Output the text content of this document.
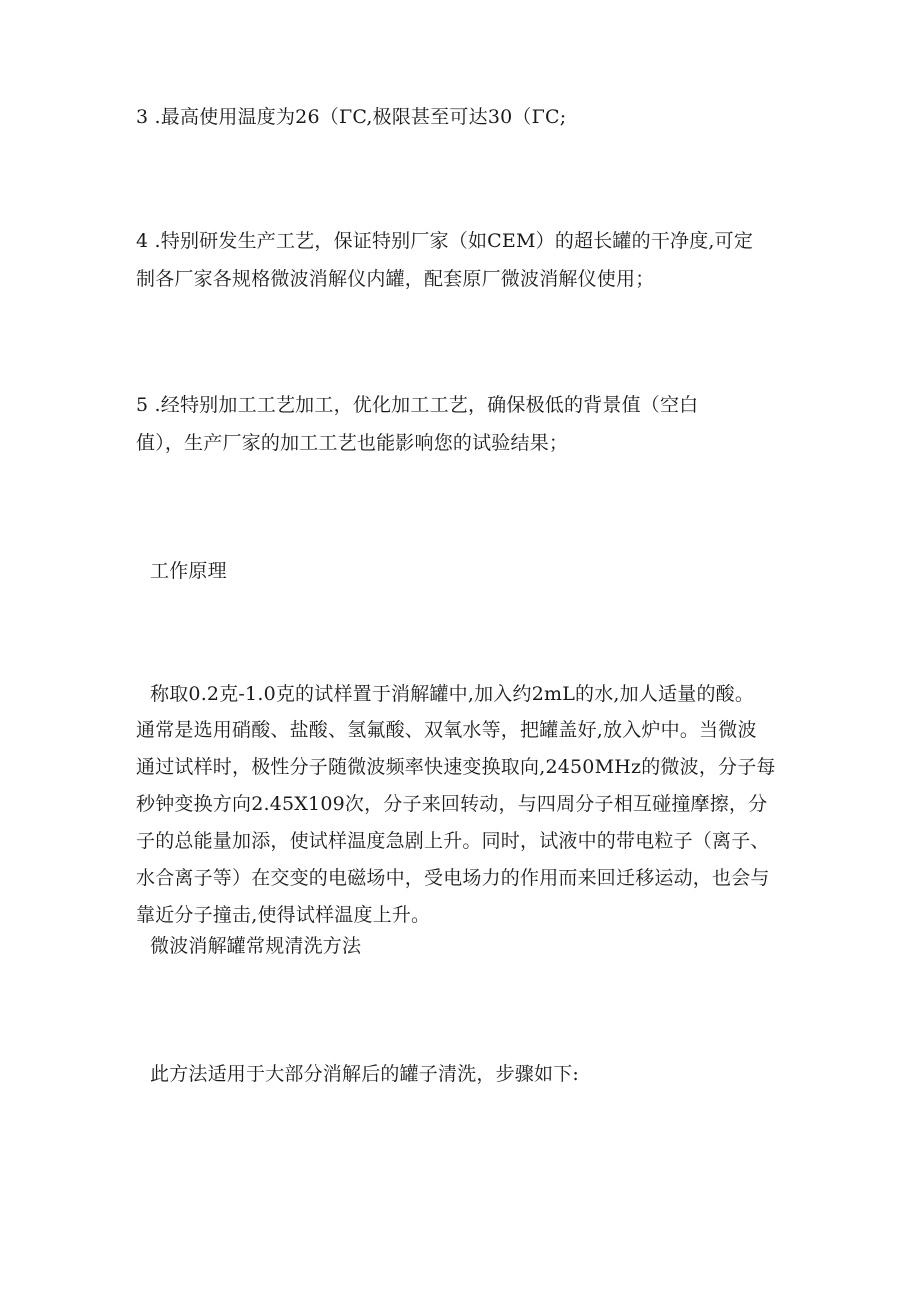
3 .最高使用温度为26（ΓC,极限甚至可达30（ΓC;
4 .特别研发生产工艺，保证特别厂家（如CEM）的超长罐的干净度,可定
制各厂家各规格微波消解仪内罐，配套原厂微波消解仪使用；
5 .经特别加工工艺加工，优化加工工艺，确保极低的背景值（空白
值），生产厂家的加工工艺也能影响您的试验结果；
工作原理
称取0.2克-1.0克的试样置于消解罐中,加入约2mL的水,加人适量的酸。
通常是选用硝酸、盐酸、氢氟酸、双氧水等，把罐盖好,放入炉中。当微波
通过试样时，极性分子随微波频率快速变换取向,2450MHz的微波，分子每
秒钟变换方向2.45X109次，分子来回转动，与四周分子相互碰撞摩擦，分
子的总能量加添，使试样温度急剧上升。同时，试液中的带电粒子（离子、
水合离子等）在交变的电磁场中，受电场力的作用而来回迁移运动，也会与
靠近分子撞击,使得试样温度上升。
微波消解罐常规清洗方法
此方法适用于大部分消解后的罐子清洗，步骤如下:
